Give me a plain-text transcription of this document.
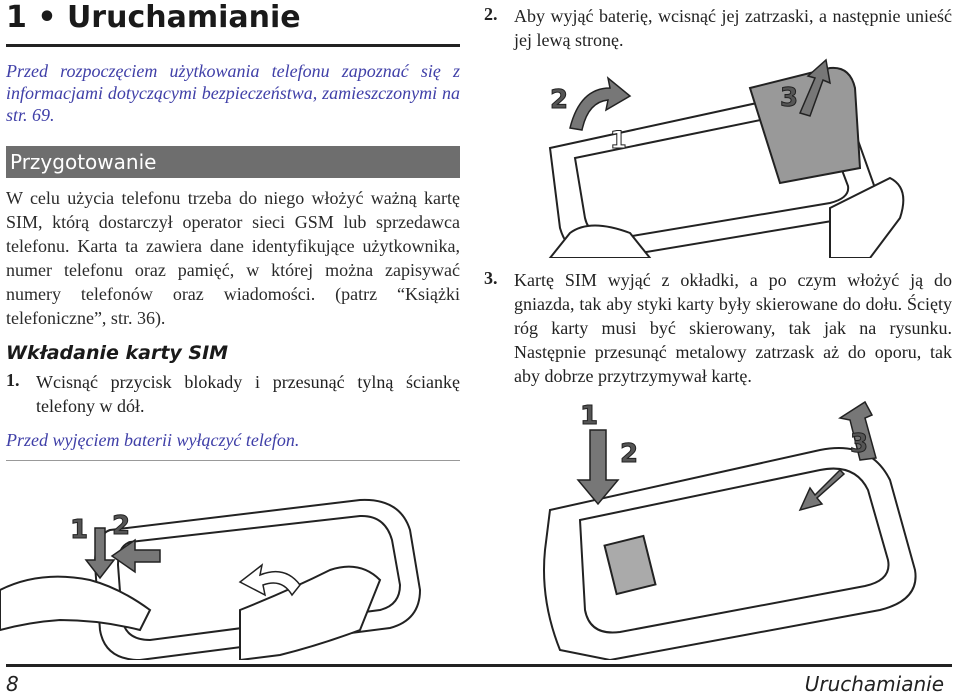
1 • Uruchamianie
Przed rozpoczęciem użytkowania telefonu zapoznać się z informacjami dotyczącymi bezpieczeństwa, zamieszczonymi na str. 69.
Przygotowanie
W celu użycia telefonu trzeba do niego włożyć ważną kartę SIM, którą dostarczył operator sieci GSM lub sprzedawca telefonu. Karta ta zawiera dane identyfikujące użytkownika, numer telefonu oraz pamięć, w której można zapisywać numery telefonów oraz wiadomości. (patrz “Książki telefoniczne”, str. 36).
Wkładanie karty SIM
1. Wcisnąć przycisk blokady i przesunąć tylną ściankę telefony w dół.
Przed wyjęciem baterii wyłączyć telefon.
1 2
2. Aby wyjąć baterię, wcisnąć jej zatrzaski, a następnie unieść jej lewą stronę.
2
1
3
3. Kartę SIM wyjąć z okładki, a po czym włożyć ją do gniazda, tak aby styki karty były skierowane do dołu. Ścięty róg karty musi być skierowany, tak jak na rysunku. Następnie przesunąć metalowy zatrzask aż do oporu, tak aby dobrze przytrzymywał kartę.
1
2	3
8	Uruchamianie
